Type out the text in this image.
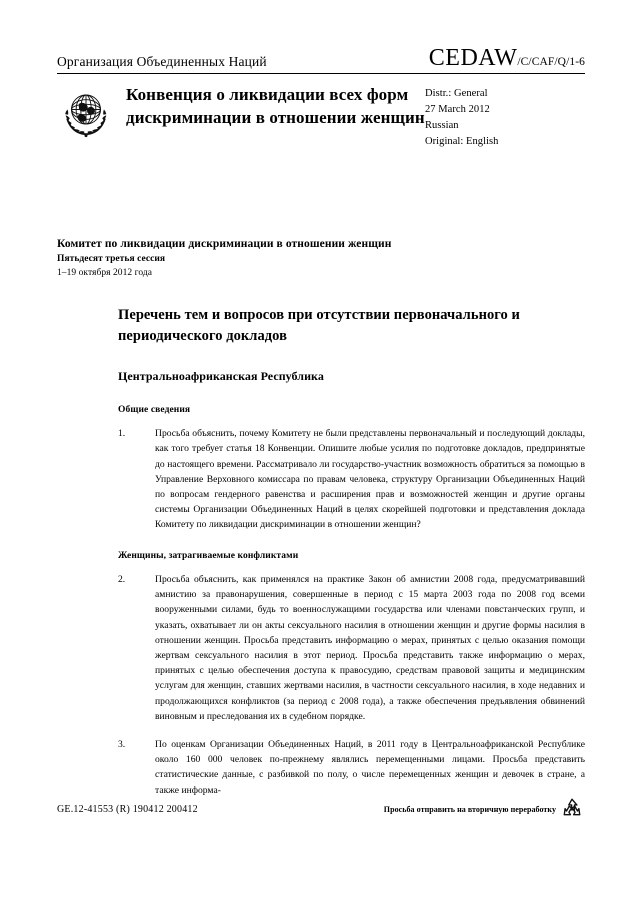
Организация Объединенных Наций	CEDAW /C/CAF/Q/1-6
Конвенция о ликвидации всех форм дискриминации в отношении женщин
Distr.: General
27 March 2012
Russian
Original: English
Комитет по ликвидации дискриминации в отношении женщин
Пятьдесят третья сессия
1–19 октября 2012 года
Перечень тем и вопросов при отсутствии первоначального и периодического докладов
Центральноафриканская Республика
Общие сведения

1.	Просьба объяснить, почему Комитету не были представлены первоначальный и последующий доклады, как того требует статья 18 Конвенции. Опишите любые усилия по подготовке докладов, предпринятые до настоящего времени. Рассматривало ли государство-участник возможность обратиться за помощью в Управление Верховного комиссара по правам человека, структуру Организации Объединенных Наций по вопросам гендерного равенства и расширения прав и возможностей женщин и другие органы системы Организации Объединенных Наций в целях скорейшей подготовки и представления доклада Комитету по ликвидации дискриминации в отношении женщин?

Женщины, затрагиваемые конфликтами

2.	Просьба объяснить, как применялся на практике Закон об амнистии 2008 года, предусматривавший амнистию за правонарушения, совершенные в период с 15 марта 2003 года по 2008 год всеми вооруженными силами, будь то военнослужащими государства или членами повстанческих групп, и указать, охватывает ли он акты сексуального насилия в отношении женщин и другие формы насилия в отношении женщин. Просьба представить информацию о мерах, принятых с целью оказания помощи жертвам сексуального насилия в этот период. Просьба представить также информацию о мерах, принятых с целью обеспечения доступа к правосудию, средствам правовой защиты и медицинским услугам для женщин, ставших жертвами насилия, в частности сексуального насилия, в ходе недавних и продолжающихся конфликтов (за период с 2008 года), а также обеспечения предъявления обвинений виновным и преследования их в судебном порядке.

3.	По оценкам Организации Объединенных Наций, в 2011 году в Центральноафриканской Республике около 160 000 человек по-прежнему являлись перемещенными лицами. Просьба представить статистические данные, с разбивкой по полу, о числе перемещенных женщин и девочек в стране, а также информа-

GE.12-41553 (R) 190412 200412	Просьба отправить на вторичную переработку
